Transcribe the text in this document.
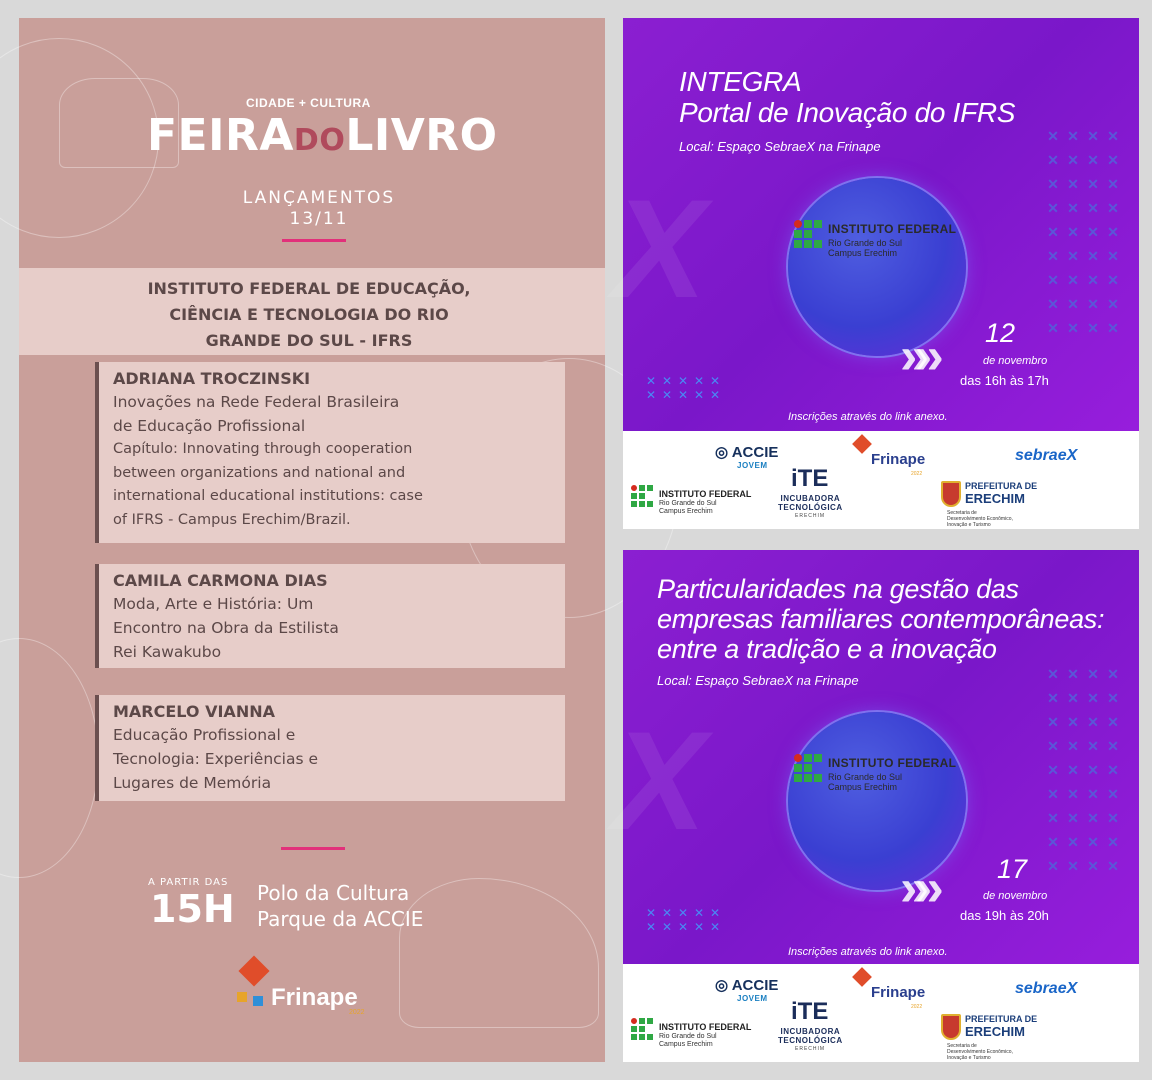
CIDADE + CULTURA
FEIRADOLIVRO
LANÇAMENTOS
13/11
INSTITUTO FEDERAL DE EDUCAÇÃO,
CIÊNCIA E TECNOLOGIA DO RIO
GRANDE DO SUL - IFRS
ADRIANA TROCZINSKI
Inovações na Rede Federal Brasileira
de Educação Profissional
Capítulo: Innovating through cooperation
between organizations and national and
international educational institutions: case
of IFRS - Campus Erechim/Brazil.
CAMILA CARMONA DIAS
Moda, Arte e História: Um
Encontro na Obra da Estilista
Rei Kawakubo
MARCELO VIANNA
Educação Profissional e
Tecnologia: Experiências e
Lugares de Memória
A PARTIR DAS
15H Polo da Cultura
Parque da ACCIE
Frinape
2022
X
✕ ✕ ✕ ✕
✕ ✕ ✕ ✕
✕ ✕ ✕ ✕
✕ ✕ ✕ ✕
✕ ✕ ✕ ✕
✕ ✕ ✕ ✕
✕ ✕ ✕ ✕
✕ ✕ ✕ ✕
✕ ✕ ✕ ✕
✕ ✕ ✕ ✕ ✕
✕ ✕ ✕ ✕ ✕
INTEGRA
Portal de Inovação do IFRS
Local: Espaço SebraeX na Frinape
INSTITUTO FEDERAL
Rio Grande do Sul
Campus Erechim
»» 12
de novembro
das 16h às 17h
Inscrições através do link anexo.
◎ ACCIE
JOVEM
INSTITUTO FEDERAL
Rio Grande do Sul
Campus Erechim
iTE
INCUBADORA
TECNOLÓGICA
ERECHIM
Frinape
2022
sebraeX
PREFEITURA DE
ERECHIM
Secretaria de
Desenvolvimento Econômico,
Inovação e Turismo
X
✕ ✕ ✕ ✕
✕ ✕ ✕ ✕
✕ ✕ ✕ ✕
✕ ✕ ✕ ✕
✕ ✕ ✕ ✕
✕ ✕ ✕ ✕
✕ ✕ ✕ ✕
✕ ✕ ✕ ✕
✕ ✕ ✕ ✕
✕ ✕ ✕ ✕ ✕
✕ ✕ ✕ ✕ ✕
Particularidades na gestão das
empresas familiares contemporâneas:
entre a tradição e a inovação
Local: Espaço SebraeX na Frinape
INSTITUTO FEDERAL
Rio Grande do Sul
Campus Erechim
»» 17
de novembro
das 19h às 20h
Inscrições através do link anexo.
◎ ACCIE
JOVEM
INSTITUTO FEDERAL
Rio Grande do Sul
Campus Erechim
iTE
INCUBADORA
TECNOLÓGICA
ERECHIM
Frinape
2022
sebraeX
PREFEITURA DE
ERECHIM
Secretaria de
Desenvolvimento Econômico,
Inovação e Turismo
